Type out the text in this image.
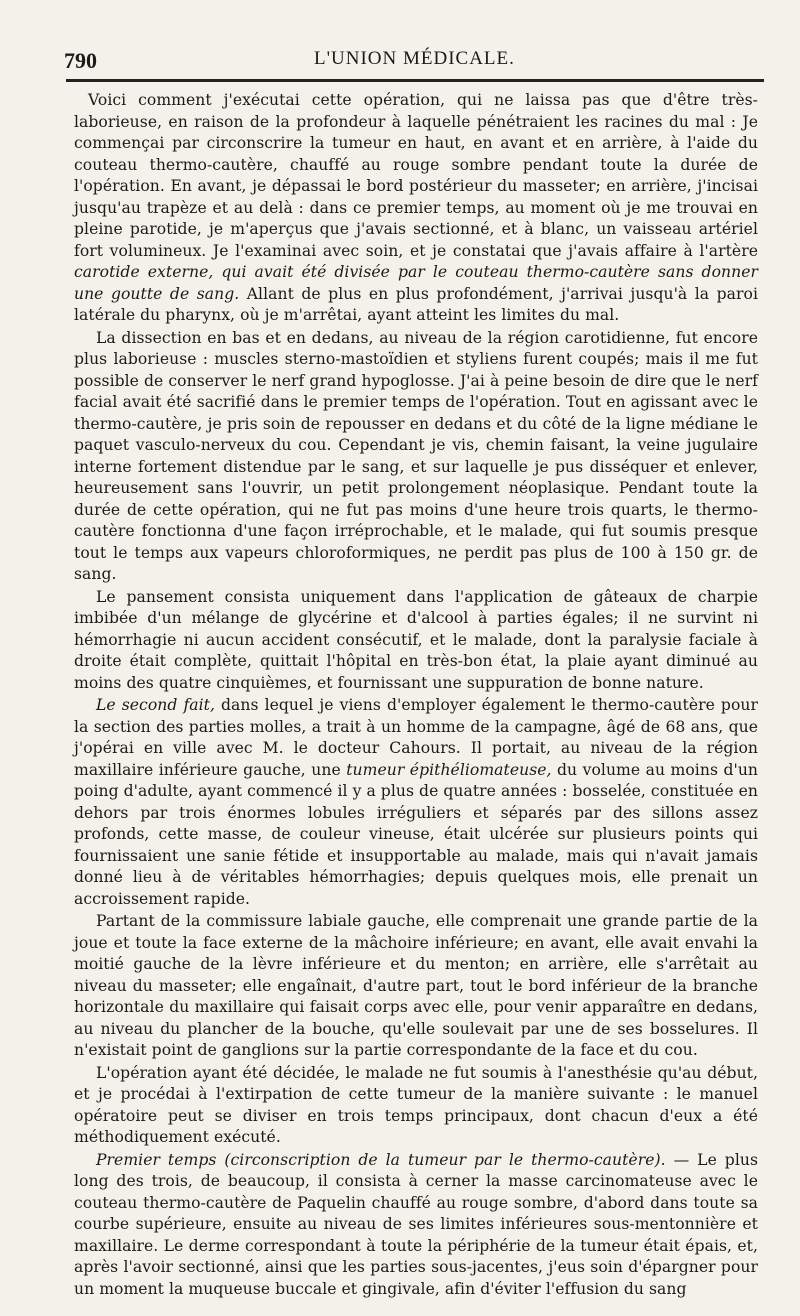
790	L'UNION MÉDICALE.

Voici comment j'exécutai cette opération, qui ne laissa pas que d'être très-laborieuse, en raison de la profondeur à laquelle pénétraient les racines du mal : Je commençai par circonscrire la tumeur en haut, en avant et en arrière, à l'aide du couteau thermo-cautère, chauffé au rouge sombre pendant toute la durée de l'opération. En avant, je dépassai le bord postérieur du masseter; en arrière, j'incisai jusqu'au trapèze et au delà : dans ce premier temps, au moment où je me trouvai en pleine parotide, je m'aperçus que j'avais sectionné, et à blanc, un vaisseau artériel fort volumineux. Je l'examinai avec soin, et je constatai que j'avais affaire à l'artère carotide externe, qui avait été divisée par le couteau thermo-cautère sans donner une goutte de sang. Allant de plus en plus profondément, j'arrivai jusqu'à la paroi latérale du pharynx, où je m'arrêtai, ayant atteint les limites du mal.

La dissection en bas et en dedans, au niveau de la région carotidienne, fut encore plus laborieuse : muscles sterno-mastoïdien et styliens furent coupés; mais il me fut possible de conserver le nerf grand hypoglosse. J'ai à peine besoin de dire que le nerf facial avait été sacrifié dans le premier temps de l'opération. Tout en agissant avec le thermo-cautère, je pris soin de repousser en dedans et du côté de la ligne médiane le paquet vasculo-nerveux du cou. Cependant je vis, chemin faisant, la veine jugulaire interne fortement distendue par le sang, et sur laquelle je pus disséquer et enlever, heureusement sans l'ouvrir, un petit prolongement néoplasique. Pendant toute la durée de cette opération, qui ne fut pas moins d'une heure trois quarts, le thermo-cautère fonctionna d'une façon irréprochable, et le malade, qui fut soumis presque tout le temps aux vapeurs chloroformiques, ne perdit pas plus de 100 à 150 gr. de sang.

Le pansement consista uniquement dans l'application de gâteaux de charpie imbibée d'un mélange de glycérine et d'alcool à parties égales; il ne survint ni hémorrhagie ni aucun accident consécutif, et le malade, dont la paralysie faciale à droite était complète, quittait l'hôpital en très-bon état, la plaie ayant diminué au moins des quatre cinquièmes, et fournissant une suppuration de bonne nature.

Le second fait, dans lequel je viens d'employer également le thermo-cautère pour la section des parties molles, a trait à un homme de la campagne, âgé de 68 ans, que j'opérai en ville avec M. le docteur Cahours. Il portait, au niveau de la région maxillaire inférieure gauche, une tumeur épithéliomateuse, du volume au moins d'un poing d'adulte, ayant commencé il y a plus de quatre années : bosselée, constituée en dehors par trois énormes lobules irréguliers et séparés par des sillons assez profonds, cette masse, de couleur vineuse, était ulcérée sur plusieurs points qui fournissaient une sanie fétide et insupportable au malade, mais qui n'avait jamais donné lieu à de véritables hémorrhagies; depuis quelques mois, elle prenait un accroissement rapide.

Partant de la commissure labiale gauche, elle comprenait une grande partie de la joue et toute la face externe de la mâchoire inférieure; en avant, elle avait envahi la moitié gauche de la lèvre inférieure et du menton; en arrière, elle s'arrêtait au niveau du masseter; elle engaînait, d'autre part, tout le bord inférieur de la branche horizontale du maxillaire qui faisait corps avec elle, pour venir apparaître en dedans, au niveau du plancher de la bouche, qu'elle soulevait par une de ses bosselures. Il n'existait point de ganglions sur la partie correspondante de la face et du cou.

L'opération ayant été décidée, le malade ne fut soumis à l'anesthésie qu'au début, et je procédai à l'extirpation de cette tumeur de la manière suivante : le manuel opératoire peut se diviser en trois temps principaux, dont chacun d'eux a été méthodiquement exécuté.

Premier temps (circonscription de la tumeur par le thermo-cautère). — Le plus long des trois, de beaucoup, il consista à cerner la masse carcinomateuse avec le couteau thermo-cautère de Paquelin chauffé au rouge sombre, d'abord dans toute sa courbe supérieure, ensuite au niveau de ses limites inférieures sous-mentonnière et maxillaire. Le derme correspondant à toute la périphérie de la tumeur était épais, et, après l'avoir sectionné, ainsi que les parties sous-jacentes, j'eus soin d'épargner pour un moment la muqueuse buccale et gingivale, afin d'éviter l'effusion du sang
